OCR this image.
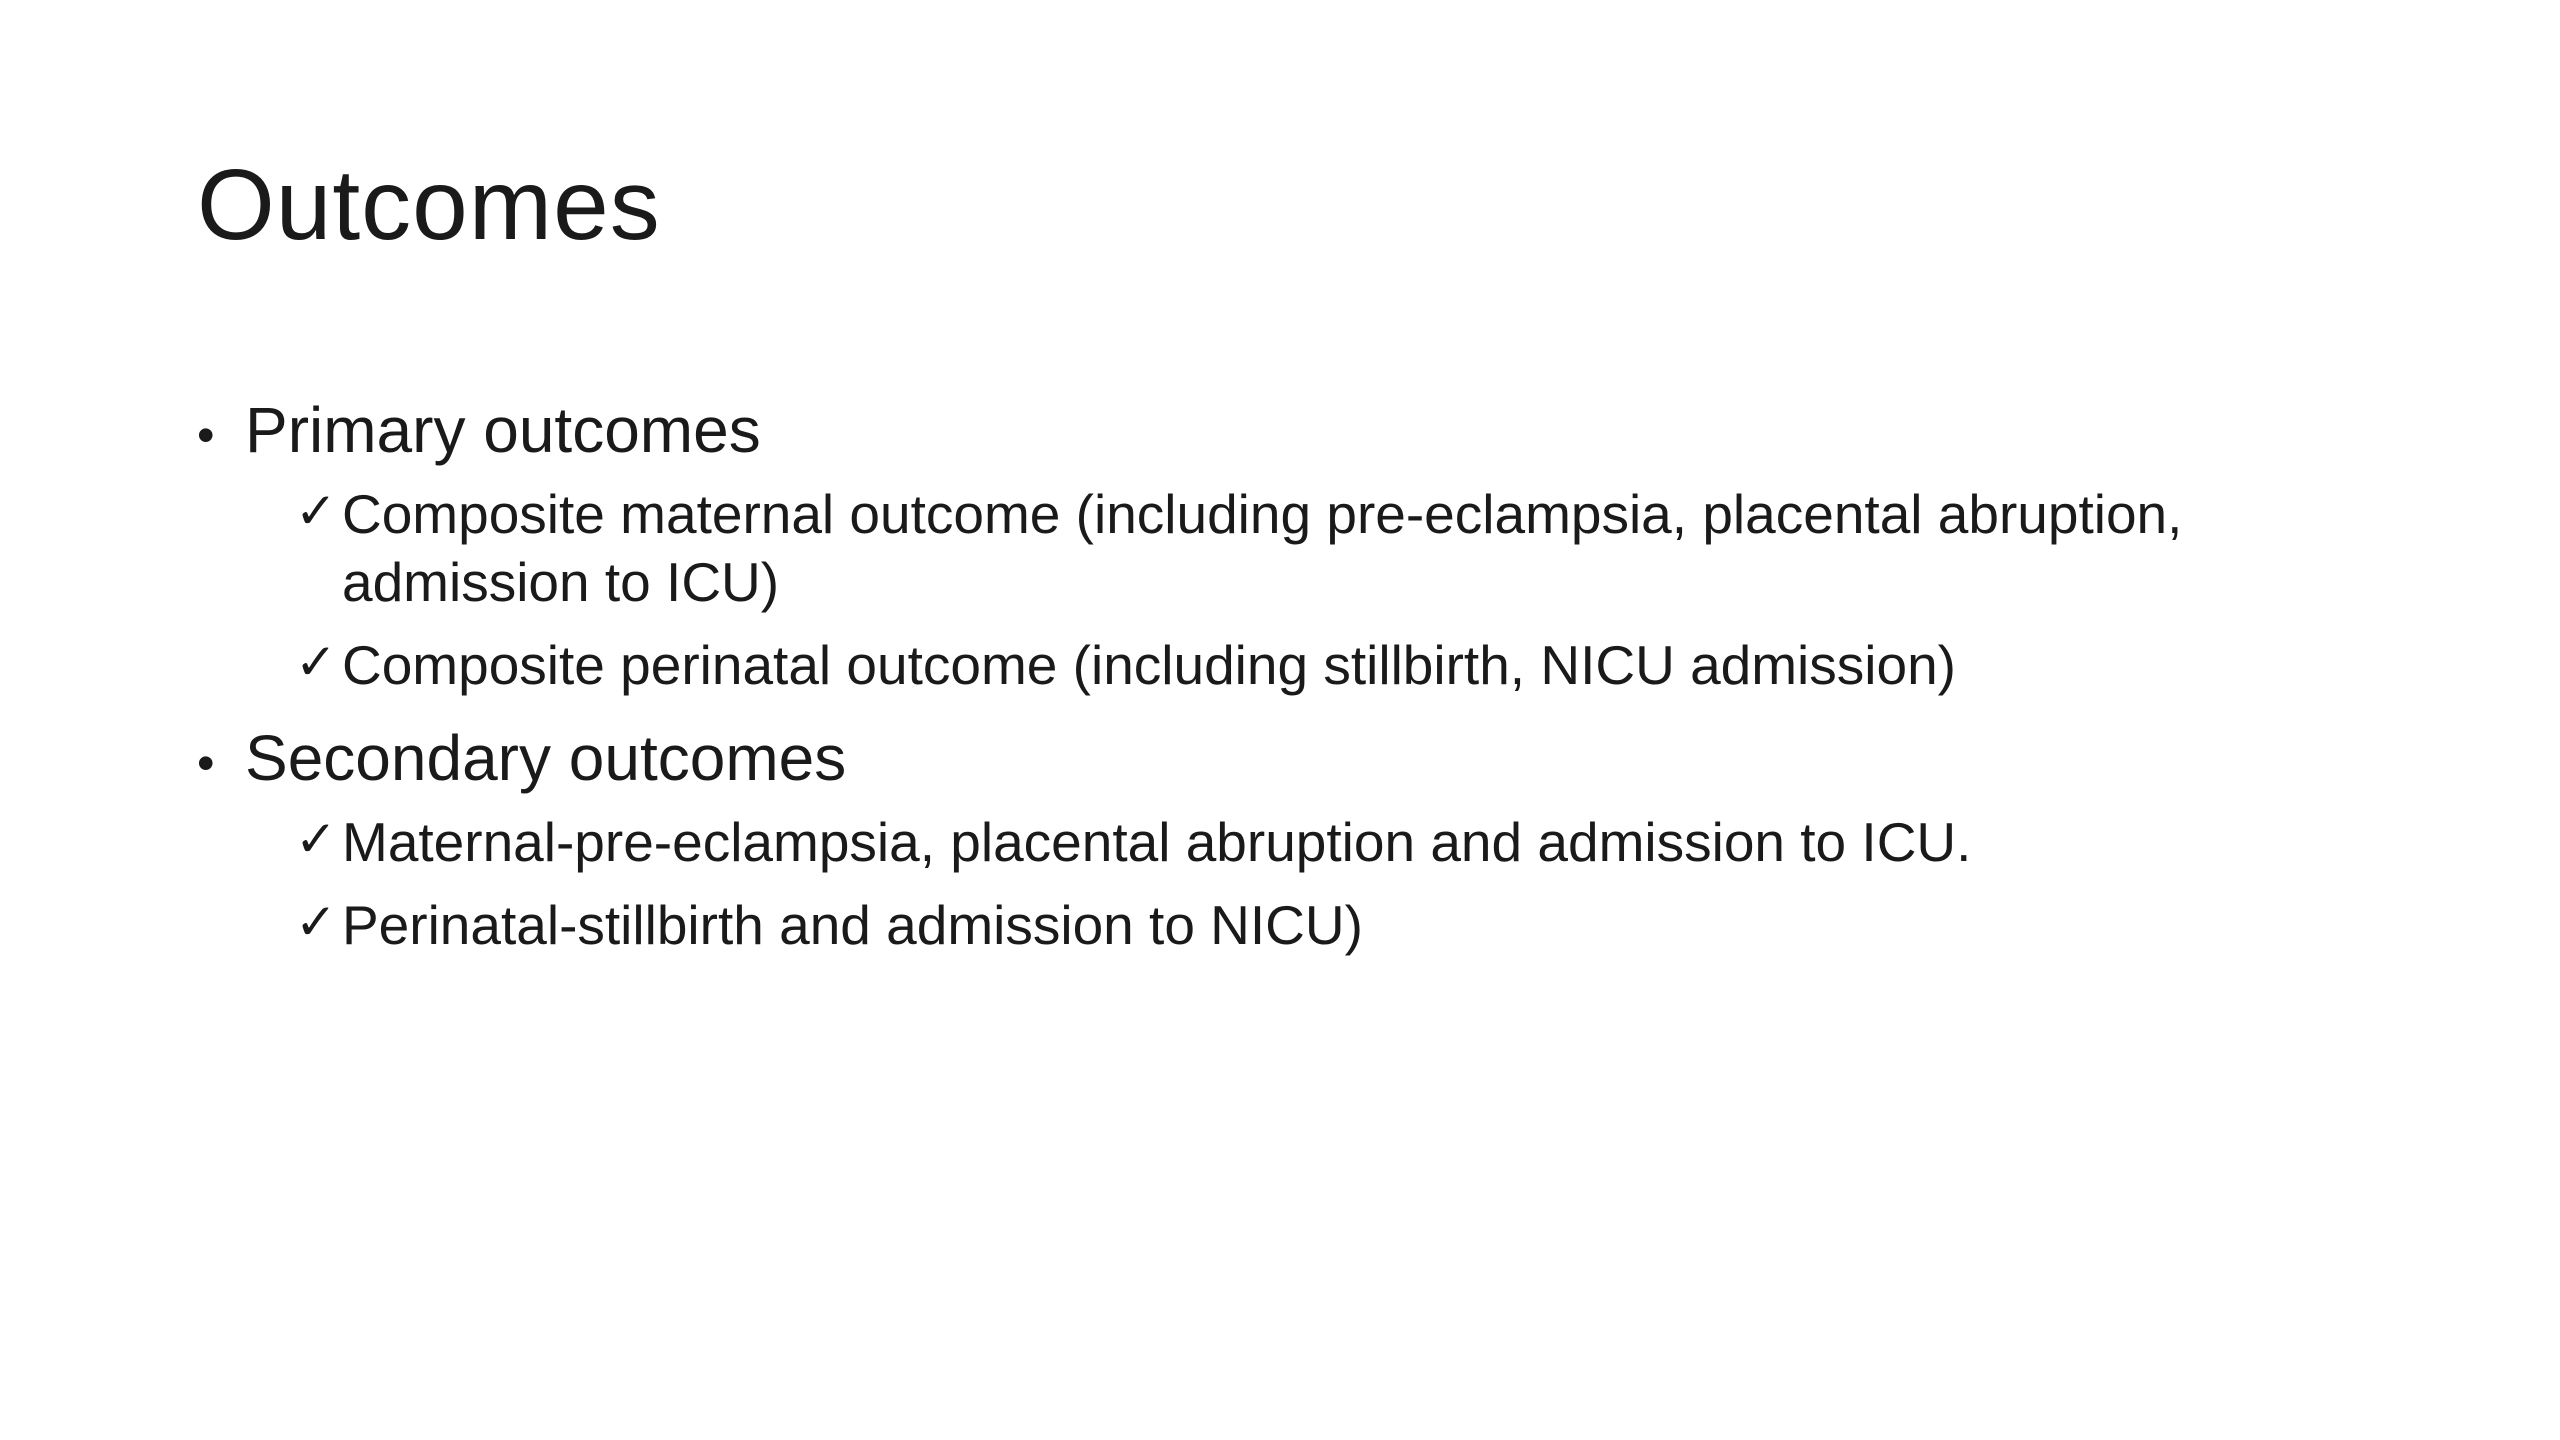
Outcomes
• Primary outcomes
✓ Composite maternal outcome (including pre-eclampsia, placental abruption, admission to ICU)
✓ Composite perinatal outcome (including stillbirth, NICU admission)
• Secondary outcomes
✓ Maternal-pre-eclampsia, placental abruption and admission to ICU.
✓ Perinatal-stillbirth and admission to NICU)
